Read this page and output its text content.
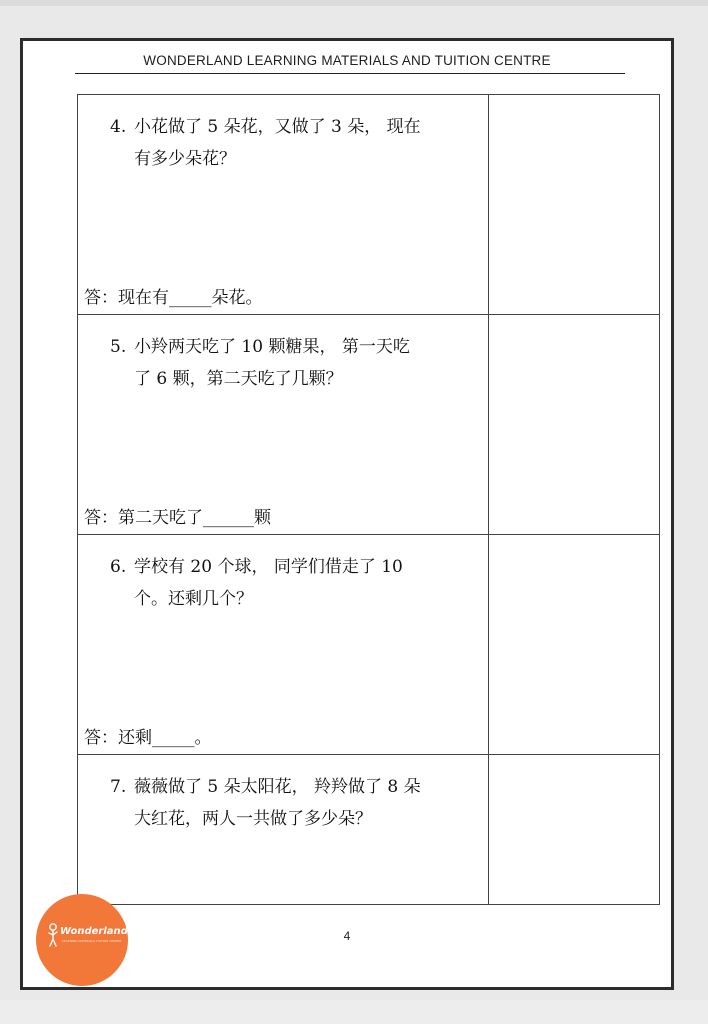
WONDERLAND LEARNING MATERIALS AND TUITION CENTRE
4. 小花做了 5 朵花，又做了 3 朵， 现在
有多少朵花？
答：现在有_____朵花。	

5. 小羚两天吃了 10 颗糖果， 第一天吃
了 6 颗，第二天吃了几颗？
答：第二天吃了______颗	

6. 学校有 20 个球， 同学们借走了 10
个。还剩几个？
答：还剩_____。	

7. 薇薇做了 5 朵太阳花， 羚羚做了 8 朵
大红花，两人一共做了多少朵？	

4
Wonderland
LEARNING MATERIALS TUITION CENTRE
